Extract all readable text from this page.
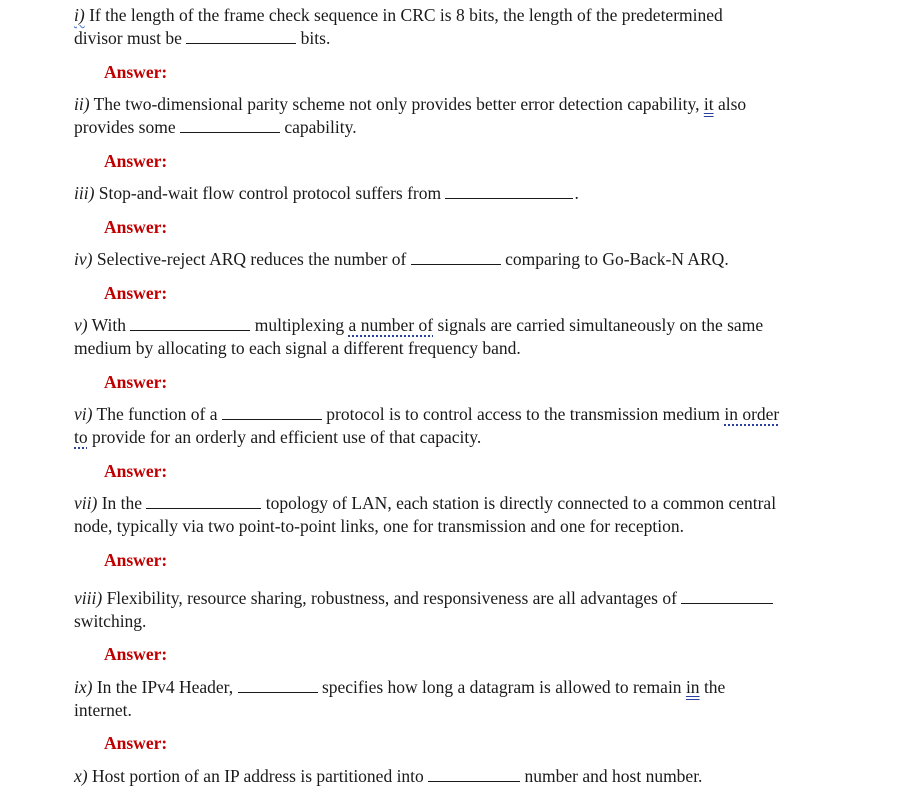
i) If the length of the frame check sequence in CRC is 8 bits, the length of the predetermined
divisor must be	bits.
Answer:
ii) The two-dimensional parity scheme not only provides better error detection capability, it also
provides some	capability.
Answer:
iii) Stop-and-wait flow control protocol suffers from	.
Answer:
iv) Selective-reject ARQ reduces the number of	comparing to Go-Back-N ARQ.
Answer:
v) With	multiplexing a number of signals are carried simultaneously on the same
medium by allocating to each signal a different frequency band.
Answer:
vi) The function of a	protocol is to control access to the transmission medium in order
to provide for an orderly and efficient use of that capacity.
Answer:
vii) In the	topology of LAN, each station is directly connected to a common central
node, typically via two point-to-point links, one for transmission and one for reception.
Answer:
viii) Flexibility, resource sharing, robustness, and responsiveness are all advantages of
switching.
Answer:
ix) In the IPv4 Header,	specifies how long a datagram is allowed to remain in the
internet.
Answer:
x) Host portion of an IP address is partitioned into	number and host number.
